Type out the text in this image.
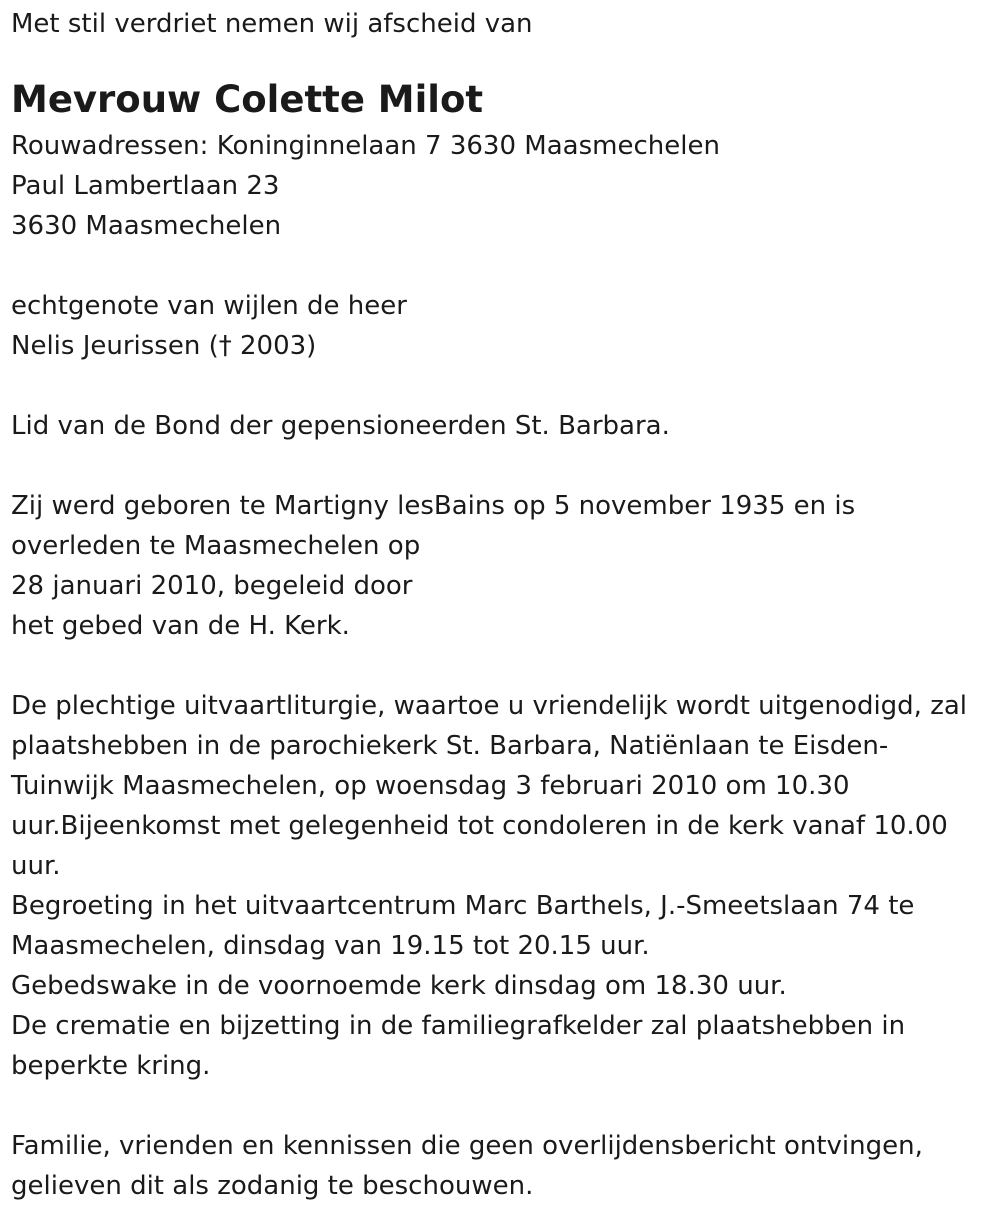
Met stil verdriet nemen wij afscheid van
Mevrouw Colette Milot
Rouwadressen: Koninginnelaan 7 3630 Maasmechelen
Paul Lambertlaan 23
3630 Maasmechelen
echtgenote van wijlen de heer
Nelis Jeurissen († 2003)
Lid van de Bond der gepensioneerden St. Barbara.
Zij werd geboren te Martigny lesBains op 5 november 1935 en is
overleden te Maasmechelen op
28 januari 2010, begeleid door
het gebed van de H. Kerk.
De plechtige uitvaartliturgie, waartoe u vriendelijk wordt uitgenodigd, zal
plaatshebben in de parochiekerk St. Barbara, Natiënlaan te Eisden-
Tuinwijk Maasmechelen, op woensdag 3 februari 2010 om 10.30
uur.Bijeenkomst met gelegenheid tot condoleren in de kerk vanaf 10.00
uur.
Begroeting in het uitvaartcentrum Marc Barthels, J.-Smeetslaan 74 te
Maasmechelen, dinsdag van 19.15 tot 20.15 uur.
Gebedswake in de voornoemde kerk dinsdag om 18.30 uur.
De crematie en bijzetting in de familiegrafkelder zal plaatshebben in
beperkte kring.
Familie, vrienden en kennissen die geen overlijdensbericht ontvingen,
gelieven dit als zodanig te beschouwen.
